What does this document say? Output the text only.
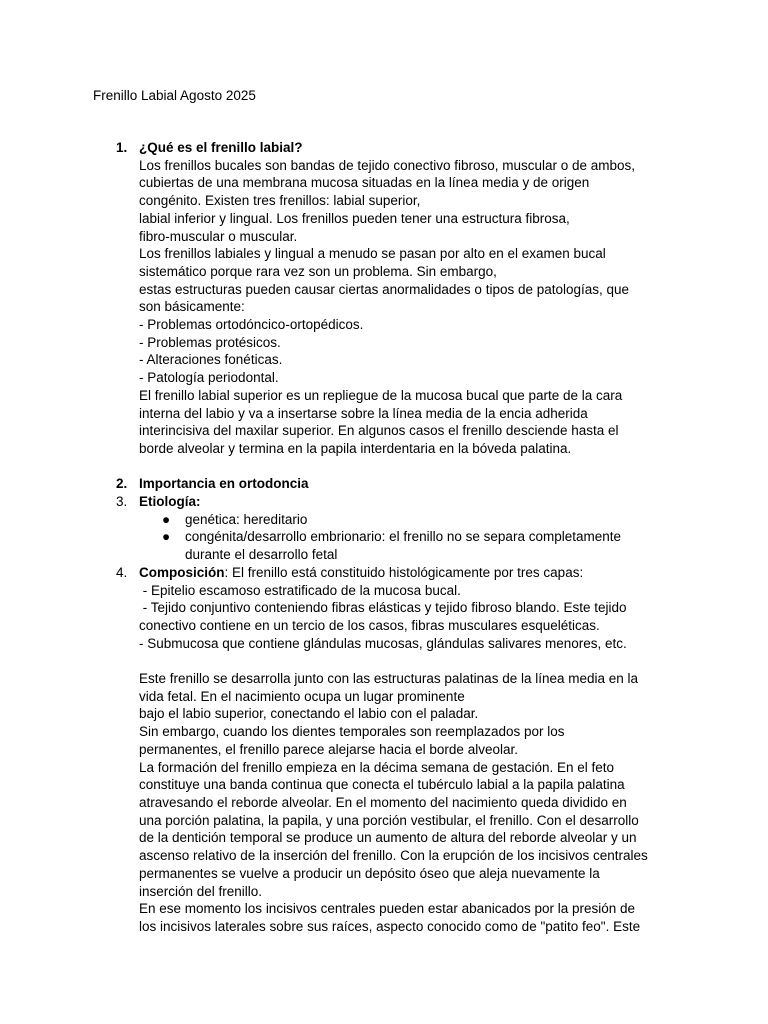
Frenillo Labial Agosto 2025
1. ¿Qué es el frenillo labial?
Los frenillos bucales son bandas de tejido conectivo fibroso, muscular o de ambos,
cubiertas de una membrana mucosa situadas en la línea media y de origen
congénito. Existen tres frenillos: labial superior,
labial inferior y lingual. Los frenillos pueden tener una estructura fibrosa,
fibro-muscular o muscular.
Los frenillos labiales y lingual a menudo se pasan por alto en el examen bucal
sistemático porque rara vez son un problema. Sin embargo,
estas estructuras pueden causar ciertas anormalidades o tipos de patologías, que
son básicamente:
- Problemas ortodóncico-ortopédicos.
- Problemas protésicos.
- Alteraciones fonéticas.
- Patología periodontal.
El frenillo labial superior es un repliegue de la mucosa bucal que parte de la cara
interna del labio y va a insertarse sobre la línea media de la encia adherida
interincisiva del maxilar superior. En algunos casos el frenillo desciende hasta el
borde alveolar y termina en la papila interdentaria en la bóveda palatina.
2. Importancia en ortodoncia
3. Etiología:
● genética: hereditario
● congénita/desarrollo embrionario: el frenillo no se separa completamente
durante el desarrollo fetal
4. Composición: El frenillo está constituido histológicamente por tres capas:
- Epitelio escamoso estratificado de la mucosa bucal.
- Tejido conjuntivo conteniendo fibras elásticas y tejido fibroso blando. Este tejido
conectivo contiene en un tercio de los casos, fibras musculares esqueléticas.
- Submucosa que contiene glándulas mucosas, glándulas salivares menores, etc.
Este frenillo se desarrolla junto con las estructuras palatinas de la línea media en la
vida fetal. En el nacimiento ocupa un lugar prominente
bajo el labio superior, conectando el labio con el paladar.
Sin embargo, cuando los dientes temporales son reemplazados por los
permanentes, el frenillo parece alejarse hacia el borde alveolar.
La formación del frenillo empieza en la décima semana de gestación. En el feto
constituye una banda continua que conecta el tubérculo labial a la papila palatina
atravesando el reborde alveolar. En el momento del nacimiento queda dividido en
una porción palatina, la papila, y una porción vestibular, el frenillo. Con el desarrollo
de la dentición temporal se produce un aumento de altura del reborde alveolar y un
ascenso relativo de la inserción del frenillo. Con la erupción de los incisivos centrales
permanentes se vuelve a producir un depósito óseo que aleja nuevamente la
inserción del frenillo.
En ese momento los incisivos centrales pueden estar abanicados por la presión de
los incisivos laterales sobre sus raíces, aspecto conocido como de "patito feo". Este
